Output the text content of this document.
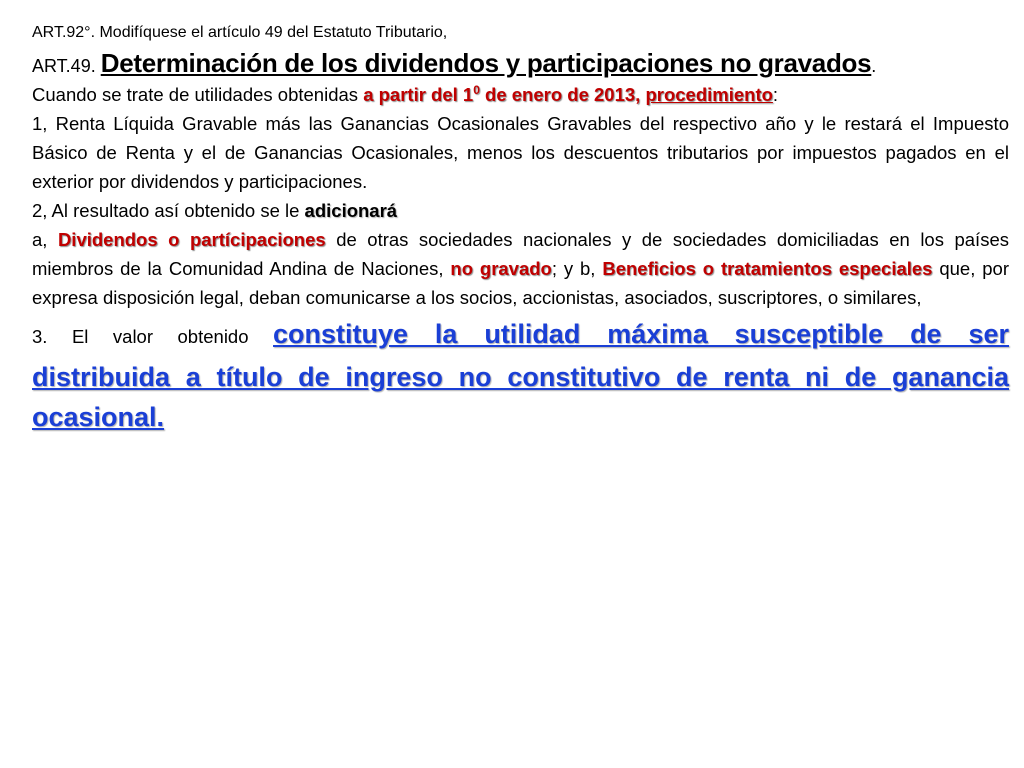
ART.92°. Modifíquese el artículo 49 del Estatuto Tributario,

ART.49. Determinación de los dividendos y participaciones no gravados.

Cuando se trate de utilidades obtenidas a partir del $1^0$ de enero de 2013, procedimiento:

1, Renta Líquida Gravable más las Ganancias Ocasionales Gravables del respectivo año y le restará el Impuesto Básico de Renta y el de Ganancias Ocasionales, menos los descuentos tributarios por impuestos pagados en el exterior por dividendos y participaciones.

2, Al resultado así obtenido se le adicionará

a, Dividendos o partícipaciones de otras sociedades nacionales y de sociedades domiciliadas en los países miembros de la Comunidad Andina de Naciones, no gravado; y b, Beneficios o tratamientos especiales que, por expresa disposición legal, deban comunicarse a los socios, accionistas, asociados, suscriptores, o similares,

3. El valor obtenido constituye la utilidad máxima susceptible de ser

distribuida a título de ingreso no constitutivo de renta ni de ganancia ocasional.
